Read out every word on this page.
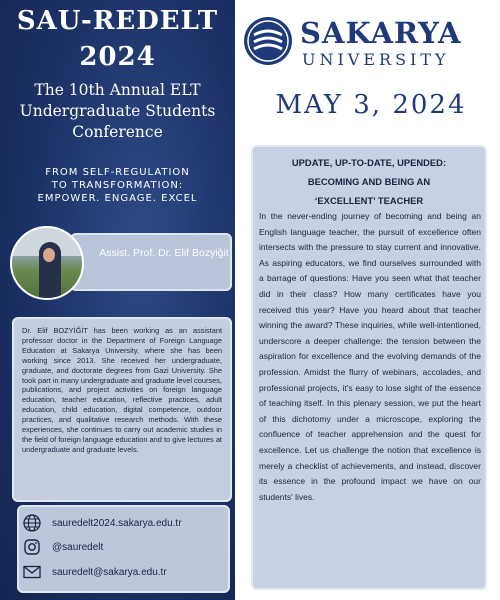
SAU-REDELT
2024
The 10th Annual ELT Undergraduate Students Conference
FROM SELF-REGULATION
TO TRANSFORMATION:
EMPOWER. ENGAGE. EXCEL
Assist. Prof. Dr. Elif Bozyiğit
Dr. Elif BOZYİĞİT has been working as an assistant professor doctor in the Department of Foreign Language Education at Sakarya University, where she has been working since 2013. She received her undergraduate, graduate, and doctorate degrees from Gazi University. She took part in many undergraduate and graduate level courses, publications, and project activities on foreign language education, teacher education, reflective practices, adult education, child education, digital competence, outdoor practices, and qualitative research methods. With these experiences, she continues to carry out academic studies in the field of foreign language education and to give lectures at undergraduate and graduate levels.
sauredelt2024.sakarya.edu.tr
@sauredelt
sauredelt@sakarya.edu.tr
SAKARYA
UNIVERSITY
MAY 3, 2024
UPDATE, UP-TO-DATE, UPENDED:
BECOMING AND BEING AN
‘EXCELLENT’ TEACHER
In the never-ending journey of becoming and being an English language teacher, the pursuit of excellence often intersects with the pressure to stay current and innovative. As aspiring educators, we find ourselves surrounded with a barrage of questions: Have you seen what that teacher did in their class? How many certificates have you received this year? Have you heard about that teacher winning the award? These inquiries, while well-intentioned, underscore a deeper challenge: the tension between the aspiration for excellence and the evolving demands of the profession. Amidst the flurry of webinars, accolades, and professional projects, it's easy to lose sight of the essence of teaching itself. In this plenary session, we put the heart of this dichotomy under a microscope, exploring the confluence of teacher apprehension and the quest for excellence. Let us challenge the notion that excellence is merely a checklist of achievements, and instead, discover its essence in the profound impact we have on our students' lives.
